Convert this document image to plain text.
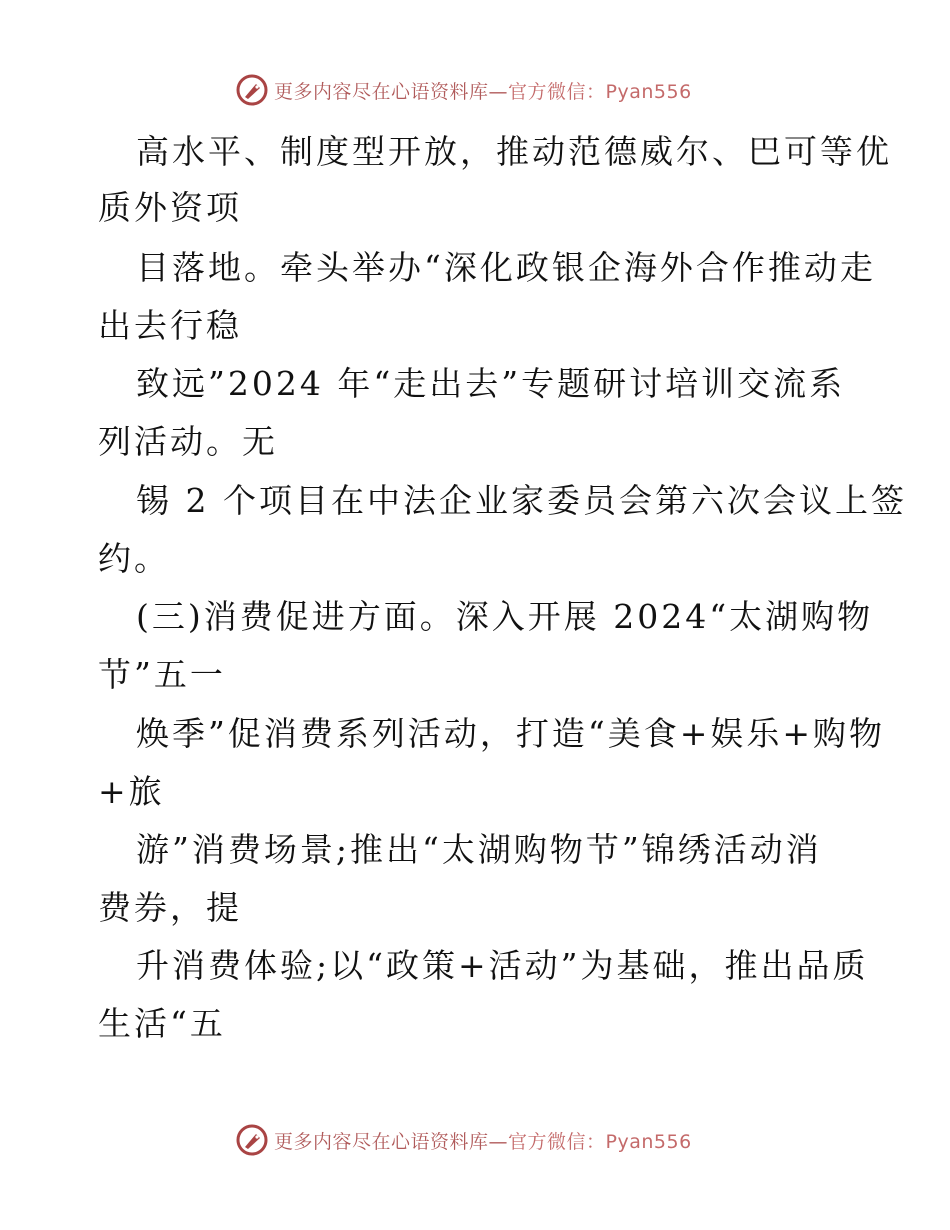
更多内容尽在心语资料库—官方微信：Pyan556
高水平、制度型开放，推动范德威尔、巴可等优
质外资项
目落地。牵头举办“深化政银企海外合作推动走
出去行稳
致远”2024 年“走出去”专题研讨培训交流系
列活动。无
锡 2 个项目在中法企业家委员会第六次会议上签
约。
(三)消费促进方面。深入开展 2024“太湖购物
节”五一
焕季”促消费系列活动，打造“美食+娱乐+购物
+旅
游”消费场景;推出“太湖购物节”锦绣活动消
费券，提
升消费体验;以“政策+活动”为基础，推出品质
生活“五
更多内容尽在心语资料库—官方微信：Pyan556
